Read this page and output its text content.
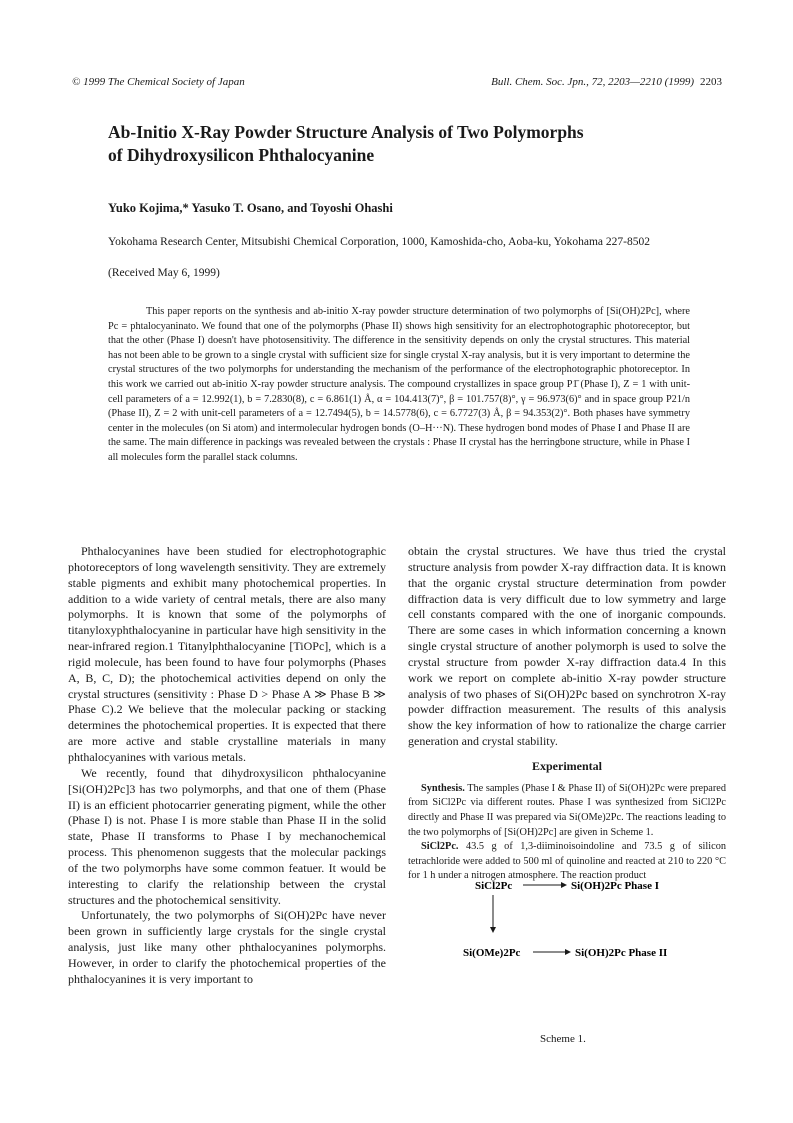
© 1999 The Chemical Society of Japan	Bull. Chem. Soc. Jpn., 72, 2203—2210 (1999) 2203
Ab-Initio X-Ray Powder Structure Analysis of Two Polymorphs
of Dihydroxysilicon Phthalocyanine
Yuko Kojima,* Yasuko T. Osano, and Toyoshi Ohashi
Yokohama Research Center, Mitsubishi Chemical Corporation, 1000, Kamoshida-cho, Aoba-ku, Yokohama 227-8502
(Received May 6, 1999)

This paper reports on the synthesis and ab-initio X-ray powder structure determination of two polymorphs of [Si(OH)2Pc], where Pc = phtalocyaninato. We found that one of the polymorphs (Phase II) shows high sensitivity for an electrophotographic photoreceptor, but that the other (Phase I) doesn't have photosensitivity. The difference in the sensitivity depends on only the crystal structures. This material has not been able to be grown to a single crystal with sufficient size for single crystal X-ray analysis, but it is very important to determine the crystal structures of the two polymorphs for understanding the mechanism of the performance of the electrophotographic photoreceptor. In this work we carried out ab-initio X-ray powder structure analysis. The compound crystallizes in space group P1̄ (Phase I), Z = 1 with unit-cell parameters of a = 12.992(1), b = 7.2830(8), c = 6.861(1) Å, α = 104.413(7)°, β = 101.757(8)°, γ = 96.973(6)° and in space group P21/n (Phase II), Z = 2 with unit-cell parameters of a = 12.7494(5), b = 14.5778(6), c = 6.7727(3) Å, β = 94.353(2)°. Both phases have symmetry center in the molecules (on Si atom) and intermolecular hydrogen bonds (O–H···N). These hydrogen bond modes of Phase I and Phase II are the same. The main difference in packings was revealed between the crystals : Phase II crystal has the herringbone structure, while in Phase I all molecules form the parallel stack columns.

Phthalocyanines have been studied for electrophotographic photoreceptors of long wavelength sensitivity. They are extremely stable pigments and exhibit many photochemical properties. In addition to a wide variety of central metals, there are also many polymorphs. It is known that some of the polymorphs of titanyloxyphthalocyanine in particular have high sensitivity in the near-infrared region.1 Titanylphthalocyanine [TiOPc], which is a rigid molecule, has been found to have four polymorphs (Phases A, B, C, D); the photochemical activities depend on only the crystal structures (sensitivity : Phase D > Phase A ≫ Phase B ≫ Phase C).2 We believe that the molecular packing or stacking determines the photochemical properties. It is expected that there are more active and stable crystalline materials in many phthalocyanines with various metals.

We recently, found that dihydroxysilicon phthalocyanine [Si(OH)2Pc]3 has two polymorphs, and that one of them (Phase II) is an efficient photocarrier generating pigment, while the other (Phase I) is not. Phase I is more stable than Phase II in the solid state, Phase II transforms to Phase I by mechanochemical process. This phenomenon suggests that the molecular packings of the two polymorphs have some common featuer. It would be interesting to clarify the relationship between the crystal structures and the photochemical sensitivity.

Unfortunately, the two polymorphs of Si(OH)2Pc have never been grown in sufficiently large crystals for the single crystal analysis, just like many other phthalocyanines polymorphs. However, in order to clarify the photochemical properties of the phthalocyanines it is very important to

obtain the crystal structures. We have thus tried the crystal structure analysis from powder X-ray diffraction data. It is known that the organic crystal structure determination from powder diffraction data is very difficult due to low symmetry and large cell constants compared with the one of inorganic compounds. There are some cases in which information concerning a known single crystal structure of another polymorph is used to solve the crystal structure from powder X-ray diffraction data.4 In this work we report on complete ab-initio X-ray powder structure analysis of two phases of Si(OH)2Pc based on synchrotron X-ray powder diffraction measurement. The results of this analysis show the key information of how to rationalize the charge carrier generation and crystal stability.

Experimental

Synthesis. The samples (Phase I & Phase II) of Si(OH)2Pc were prepared from SiCl2Pc via different routes. Phase I was synthesized from SiCl2Pc directly and Phase II was prepared via Si(OMe)2Pc. The reactions leading to the two polymorphs of [Si(OH)2Pc] are given in Scheme 1.

SiCl2Pc. 43.5 g of 1,3-diiminoisoindoline and 73.5 g of silicon tetrachloride were added to 500 ml of quinoline and reacted at 210 to 220 °C for 1 h under a nitrogen atmosphere. The reaction product

SiCl2Pc	Si(OH)2Pc Phase I
Si(OMe)2Pc	Si(OH)2Pc Phase II
Scheme 1.
